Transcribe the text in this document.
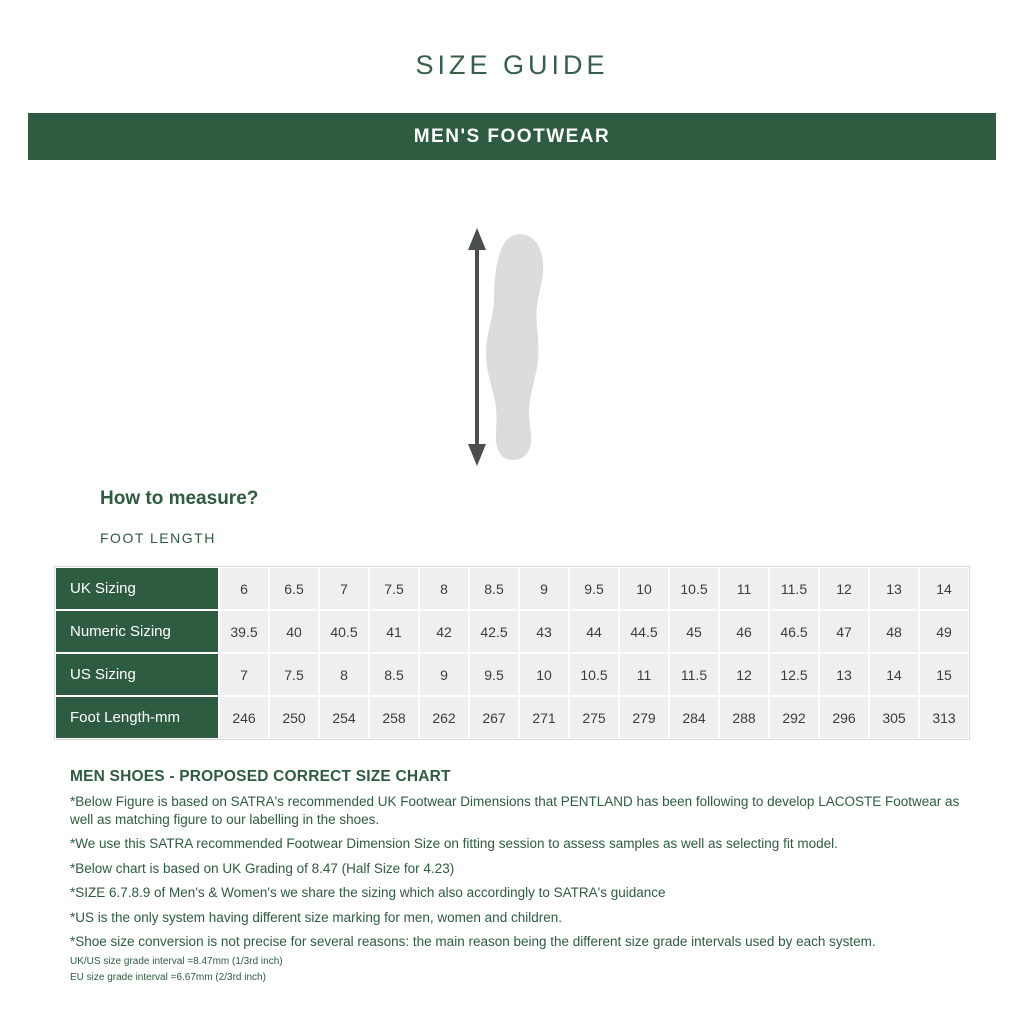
SIZE GUIDE
MEN'S FOOTWEAR
How to measure?
FOOT LENGTH
UK Sizing	6	6.5	7	7.5	8	8.5	9	9.5	10	10.5	11	11.5	12	13	14
Numeric Sizing	39.5	40	40.5	41	42	42.5	43	44	44.5	45	46	46.5	47	48	49
US Sizing	7	7.5	8	8.5	9	9.5	10	10.5	11	11.5	12	12.5	13	14	15
Foot Length-mm	246	250	254	258	262	267	271	275	279	284	288	292	296	305	313
MEN SHOES - PROPOSED CORRECT SIZE CHART
*Below Figure is based on SATRA's recommended UK Footwear Dimensions that PENTLAND has been following to develop LACOSTE Footwear as well as matching figure to our labelling in the shoes.
*We use this SATRA recommended Footwear Dimension Size on fitting session to assess samples as well as selecting fit model.
*Below chart is based on UK Grading of 8.47 (Half Size for 4.23)
*SIZE 6.7.8.9 of Men's & Women's we share the sizing which also accordingly to SATRA's guidance
*US is the only system having different size marking for men, women and children.
*Shoe size conversion is not precise for several reasons: the main reason being the different size grade intervals used by each system.
UK/US size grade interval =8.47mm (1/3rd inch)
EU size grade interval =6.67mm (2/3rd inch)
